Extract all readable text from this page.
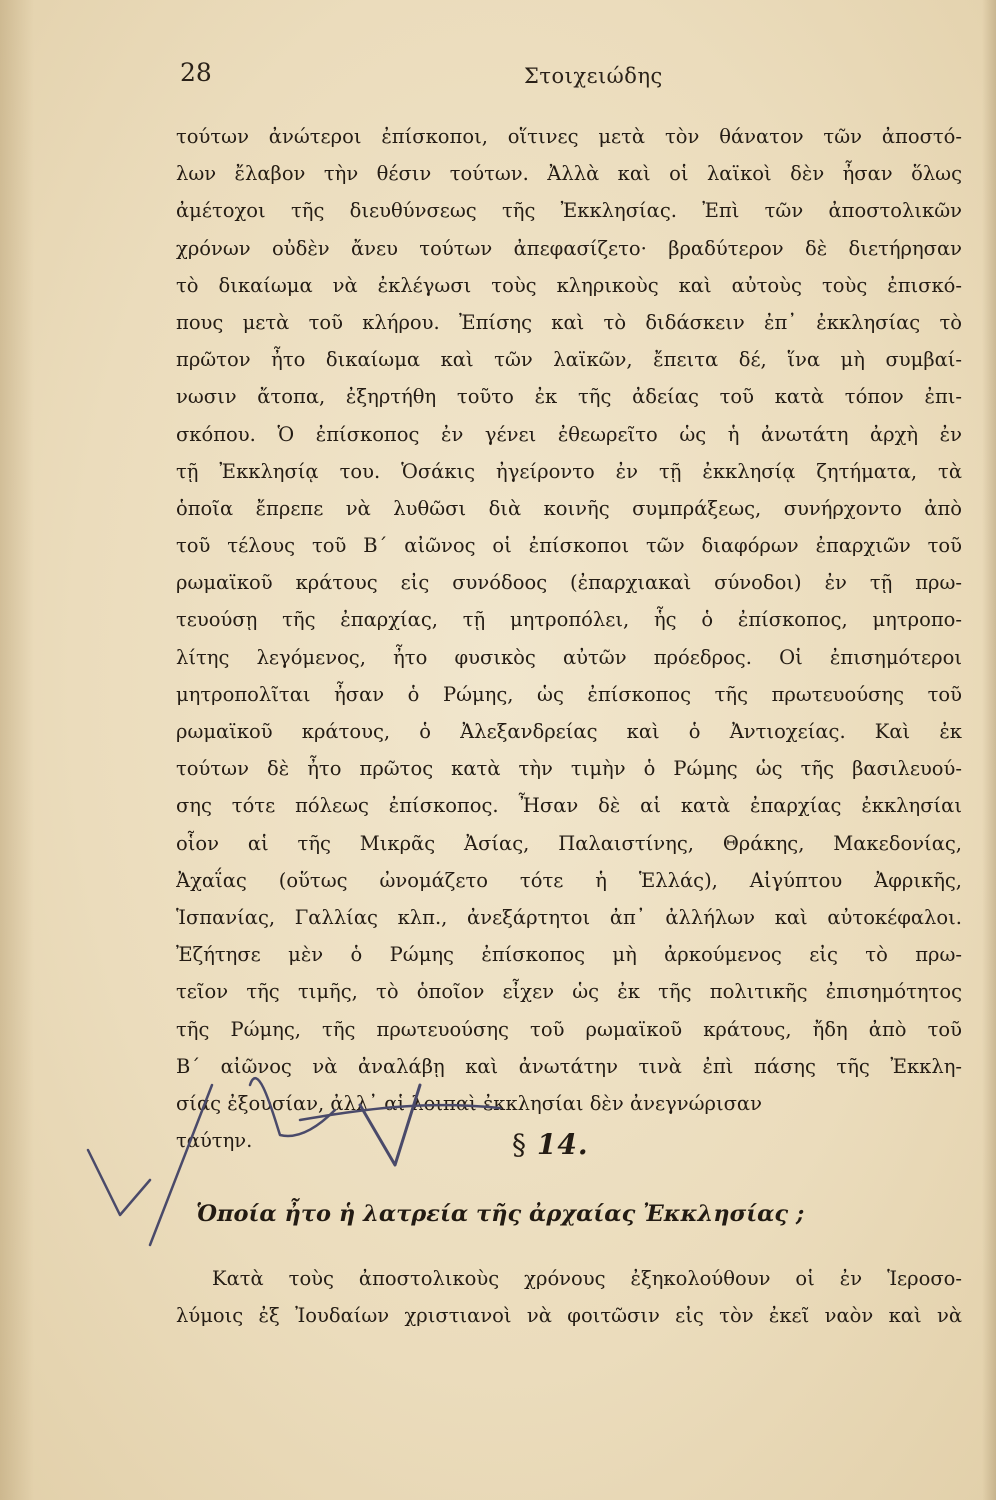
28	Στοιχειώδης
τούτων ἀνώτεροι ἐπίσκοποι, οἵτινες μετὰ τὸν θάνατον τῶν ἀποστό-
λων ἔλαβον τὴν θέσιν τούτων. Ἀλλὰ καὶ οἱ λαϊκοὶ δὲν ἦσαν ὅλως
ἀμέτοχοι τῆς διευθύνσεως τῆς Ἐκκλησίας. Ἐπὶ τῶν ἀποστολικῶν
χρόνων οὐδὲν ἄνευ τούτων ἀπεφασίζετο· βραδύτερον δὲ διετήρησαν
τὸ δικαίωμα νὰ ἐκλέγωσι τοὺς κληρικοὺς καὶ αὐτοὺς τοὺς ἐπισκό-
πους μετὰ τοῦ κλήρου. Ἐπίσης καὶ τὸ διδάσκειν ἐπ᾽ ἐκκλησίας τὸ
πρῶτον ἦτο δικαίωμα καὶ τῶν λαϊκῶν, ἔπειτα δέ, ἵνα μὴ συμβαί-
νωσιν ἄτοπα, ἐξηρτήθη τοῦτο ἐκ τῆς ἀδείας τοῦ κατὰ τόπον ἐπι-
σκόπου. Ὁ ἐπίσκοπος ἐν γένει ἐθεωρεῖτο ὡς ἡ ἀνωτάτη ἀρχὴ ἐν
τῇ Ἐκκλησίᾳ του. Ὁσάκις ἠγείροντο ἐν τῇ ἐκκλησίᾳ ζητήματα, τὰ
ὁποῖα ἔπρεπε νὰ λυθῶσι διὰ κοινῆς συμπράξεως, συνήρχοντο ἀπὸ
τοῦ τέλους τοῦ Β΄ αἰῶνος οἱ ἐπίσκοποι τῶν διαφόρων ἐπαρχιῶν τοῦ
ρωμαϊκοῦ κράτους εἰς συνόδοος (ἐπαρχιακαὶ σύνοδοι) ἐν τῇ πρω-
τευούσῃ τῆς ἐπαρχίας, τῇ μητροπόλει, ἧς ὁ ἐπίσκοπος, μητροπο-
λίτης λεγόμενος, ἦτο φυσικὸς αὐτῶν πρόεδρος. Οἱ ἐπισημότεροι
μητροπολῖται ἦσαν ὁ Ρώμης, ὡς ἐπίσκοπος τῆς πρωτευούσης τοῦ
ρωμαϊκοῦ κράτους, ὁ Ἀλεξανδρείας καὶ ὁ Ἀντιοχείας. Καὶ ἐκ
τούτων δὲ ἦτο πρῶτος κατὰ τὴν τιμὴν ὁ Ρώμης ὡς τῆς βασιλευού-
σης τότε πόλεως ἐπίσκοπος. Ἦσαν δὲ αἱ κατὰ ἐπαρχίας ἐκκλησίαι
οἷον αἱ τῆς Μικρᾶς Ἀσίας, Παλαιστίνης, Θράκης, Μακεδονίας,
Ἀχαΐας (οὕτως ὠνομάζετο τότε ἡ Ἑλλάς), Αἰγύπτου Ἀφρικῆς,
Ἱσπανίας, Γαλλίας κλπ., ἀνεξάρτητοι ἀπ᾽ ἀλλήλων καὶ αὐτοκέφαλοι.
Ἐζήτησε μὲν ὁ Ρώμης ἐπίσκοπος μὴ ἀρκούμενος εἰς τὸ πρω-
τεῖον τῆς τιμῆς, τὸ ὁποῖον εἶχεν ὡς ἐκ τῆς πολιτικῆς ἐπισημότητος
τῆς Ρώμης, τῆς πρωτευούσης τοῦ ρωμαϊκοῦ κράτους, ἤδη ἀπὸ τοῦ
Β΄ αἰῶνος νὰ ἀναλάβῃ καὶ ἀνωτάτην τινὰ ἐπὶ πάσης τῆς Ἐκκλη-
σίας ἐξουσίαν, ἀλλ᾽ αἱ λοιπαὶ ἐκκλησίαι δὲν ἀνεγνώρισαν
ταύτην.	§ 14.
Ὁποία ἦτο ἡ λατρεία τῆς ἀρχαίας Ἐκκλησίας ;
Κατὰ τοὺς ἀποστολικοὺς χρόνους ἐξηκολούθουν οἱ ἐν Ἱεροσο-
λύμοις ἐξ Ἰουδαίων χριστιανοὶ νὰ φοιτῶσιν εἰς τὸν ἐκεῖ ναὸν καὶ νὰ
